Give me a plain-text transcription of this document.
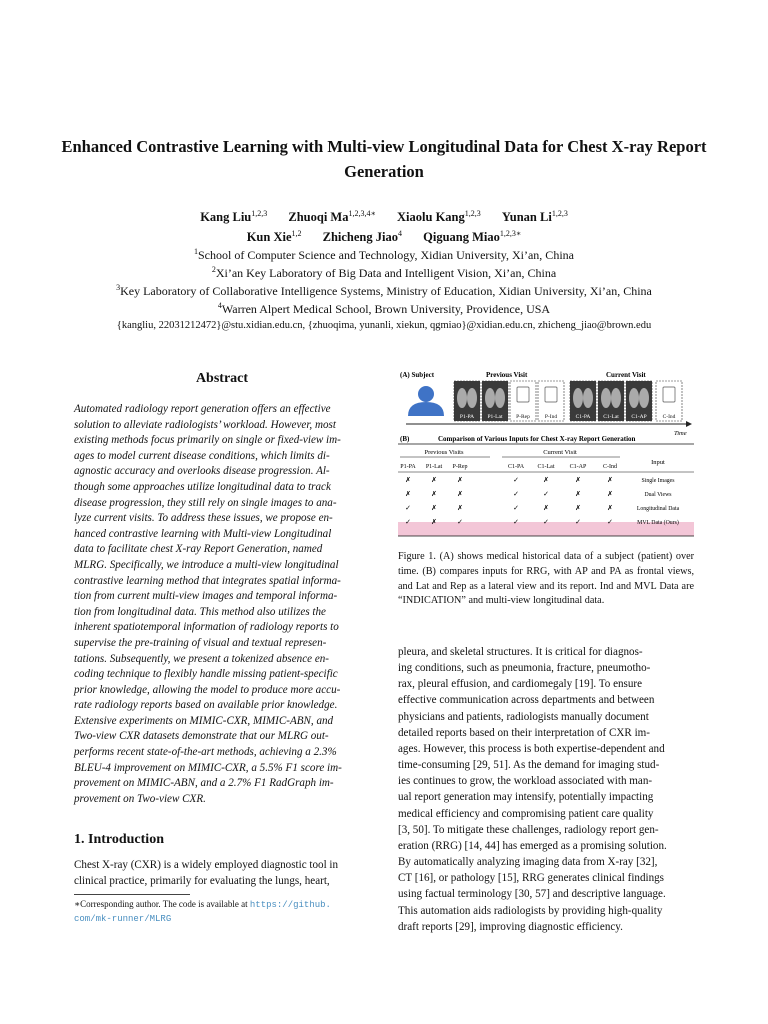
Enhanced Contrastive Learning with Multi-view Longitudinal Data for Chest X-ray Report Generation
Kang Liu$^{1,2,3}$ Zhuoqi $Ma^{1,2,3,4∗}$ Xiaolu Kang$^{1,2,3}$ Yunan Li$^{1,2,3}$
Kun Xie$^{1,2}$ Zhicheng Jiao$^4$ Qiguang Miao$^{1,2,3∗}$
$^1$School of Computer Science and Technology, Xidian University, Xi’an, China
$^2$Xi’an Key Laboratory of Big Data and Intelligent Vision, Xi’an, China
$^3$Key Laboratory of Collaborative Intelligence Systems, Ministry of Education, Xidian University, Xi’an, China
$^4$Warren Alpert Medical School, Brown University, Providence, USA
{kangliu, 22031212472}@stu.xidian.edu.cn, {zhuoqima, yunanli, xiekun, qgmiao}@xidian.edu.cn, zhicheng_jiao@brown.edu
Abstract
Automated radiology report generation offers an effective
solution to alleviate radiologists’ workload. However, most
existing methods focus primarily on single or fixed-view im-
ages to model current disease conditions, which limits di-
agnostic accuracy and overlooks disease progression. Al-
though some approaches utilize longitudinal data to track
disease progression, they still rely on single images to ana-
lyze current visits. To address these issues, we propose en-
hanced contrastive learning with Multi-view Longitudinal
data to facilitate chest X-ray Report Generation, named
MLRG. Specifically, we introduce a multi-view longitudinal
contrastive learning method that integrates spatial informa-
tion from current multi-view images and temporal informa-
tion from longitudinal data. This method also utilizes the
inherent spatiotemporal information of radiology reports to
supervise the pre-training of visual and textual represen-
tations. Subsequently, we present a tokenized absence en-
coding technique to flexibly handle missing patient-specific
prior knowledge, allowing the model to produce more accu-
rate radiology reports based on available prior knowledge.
Extensive experiments on MIMIC-CXR, MIMIC-ABN, and
Two-view CXR datasets demonstrate that our MLRG out-
performs recent state-of-the-art methods, achieving a 2.3%
BLEU-4 improvement on MIMIC-CXR, a 5.5% F1 score im-
provement on MIMIC-ABN, and a 2.7% F1 RadGraph im-
provement on Two-view CXR.
1. Introduction
Chest X-ray (CXR) is a widely employed diagnostic tool in
clinical practice, primarily for evaluating the lungs, heart,
∗Corresponding author. The code is available at https://github.
com/mk-runner/MLRG
(A) Subject	Previous Visit	Current Visit
P1-PA P1-Lat P-Rep	P-Ind	C1-PA C1-Lat C1-AP	C-Ind
Time
(B)	Comparison of Various Inputs for Chest X-ray Report Generation
Previous Visits	Current Visit
Input
P1-PA P1-Lat P-Rep	C1-PA C1-Lat	C1-AP	C-Ind
✗	✗	✗	✓	✗	✗	✗	Single Images
✗	✗	✗	✓	✓	✗	✗	Dual Views
✓	✗	✗	✓	✗	✗	✗	Longitudinal Data
✓	✗	✓	✓	✓	✓	✓	MVL Data (Ours)
Figure 1. (A) shows medical historical data of a subject (patient) over time. (B) compares inputs for RRG, with AP and PA as frontal views, and Lat and Rep as a lateral view and its report. Ind and MVL Data are “INDICATION” and multi-view longitudinal data.
pleura, and skeletal structures. It is critical for diagnos-
ing conditions, such as pneumonia, fracture, pneumotho-
rax, pleural effusion, and cardiomegaly [19]. To ensure
effective communication across departments and between
physicians and patients, radiologists manually document
detailed reports based on their interpretation of CXR im-
ages. However, this process is both expertise-dependent and
time-consuming [29, 51]. As the demand for imaging stud-
ies continues to grow, the workload associated with man-
ual report generation may intensify, potentially impacting
medical efficiency and compromising patient care quality
[3, 50]. To mitigate these challenges, radiology report gen-
eration (RRG) [14, 44] has emerged as a promising solution.
By automatically analyzing imaging data from X-ray [32],
CT [16], or pathology [15], RRG generates clinical findings
using factual terminology [30, 57] and descriptive language.
This automation aids radiologists by providing high-quality
draft reports [29], improving diagnostic efficiency.
